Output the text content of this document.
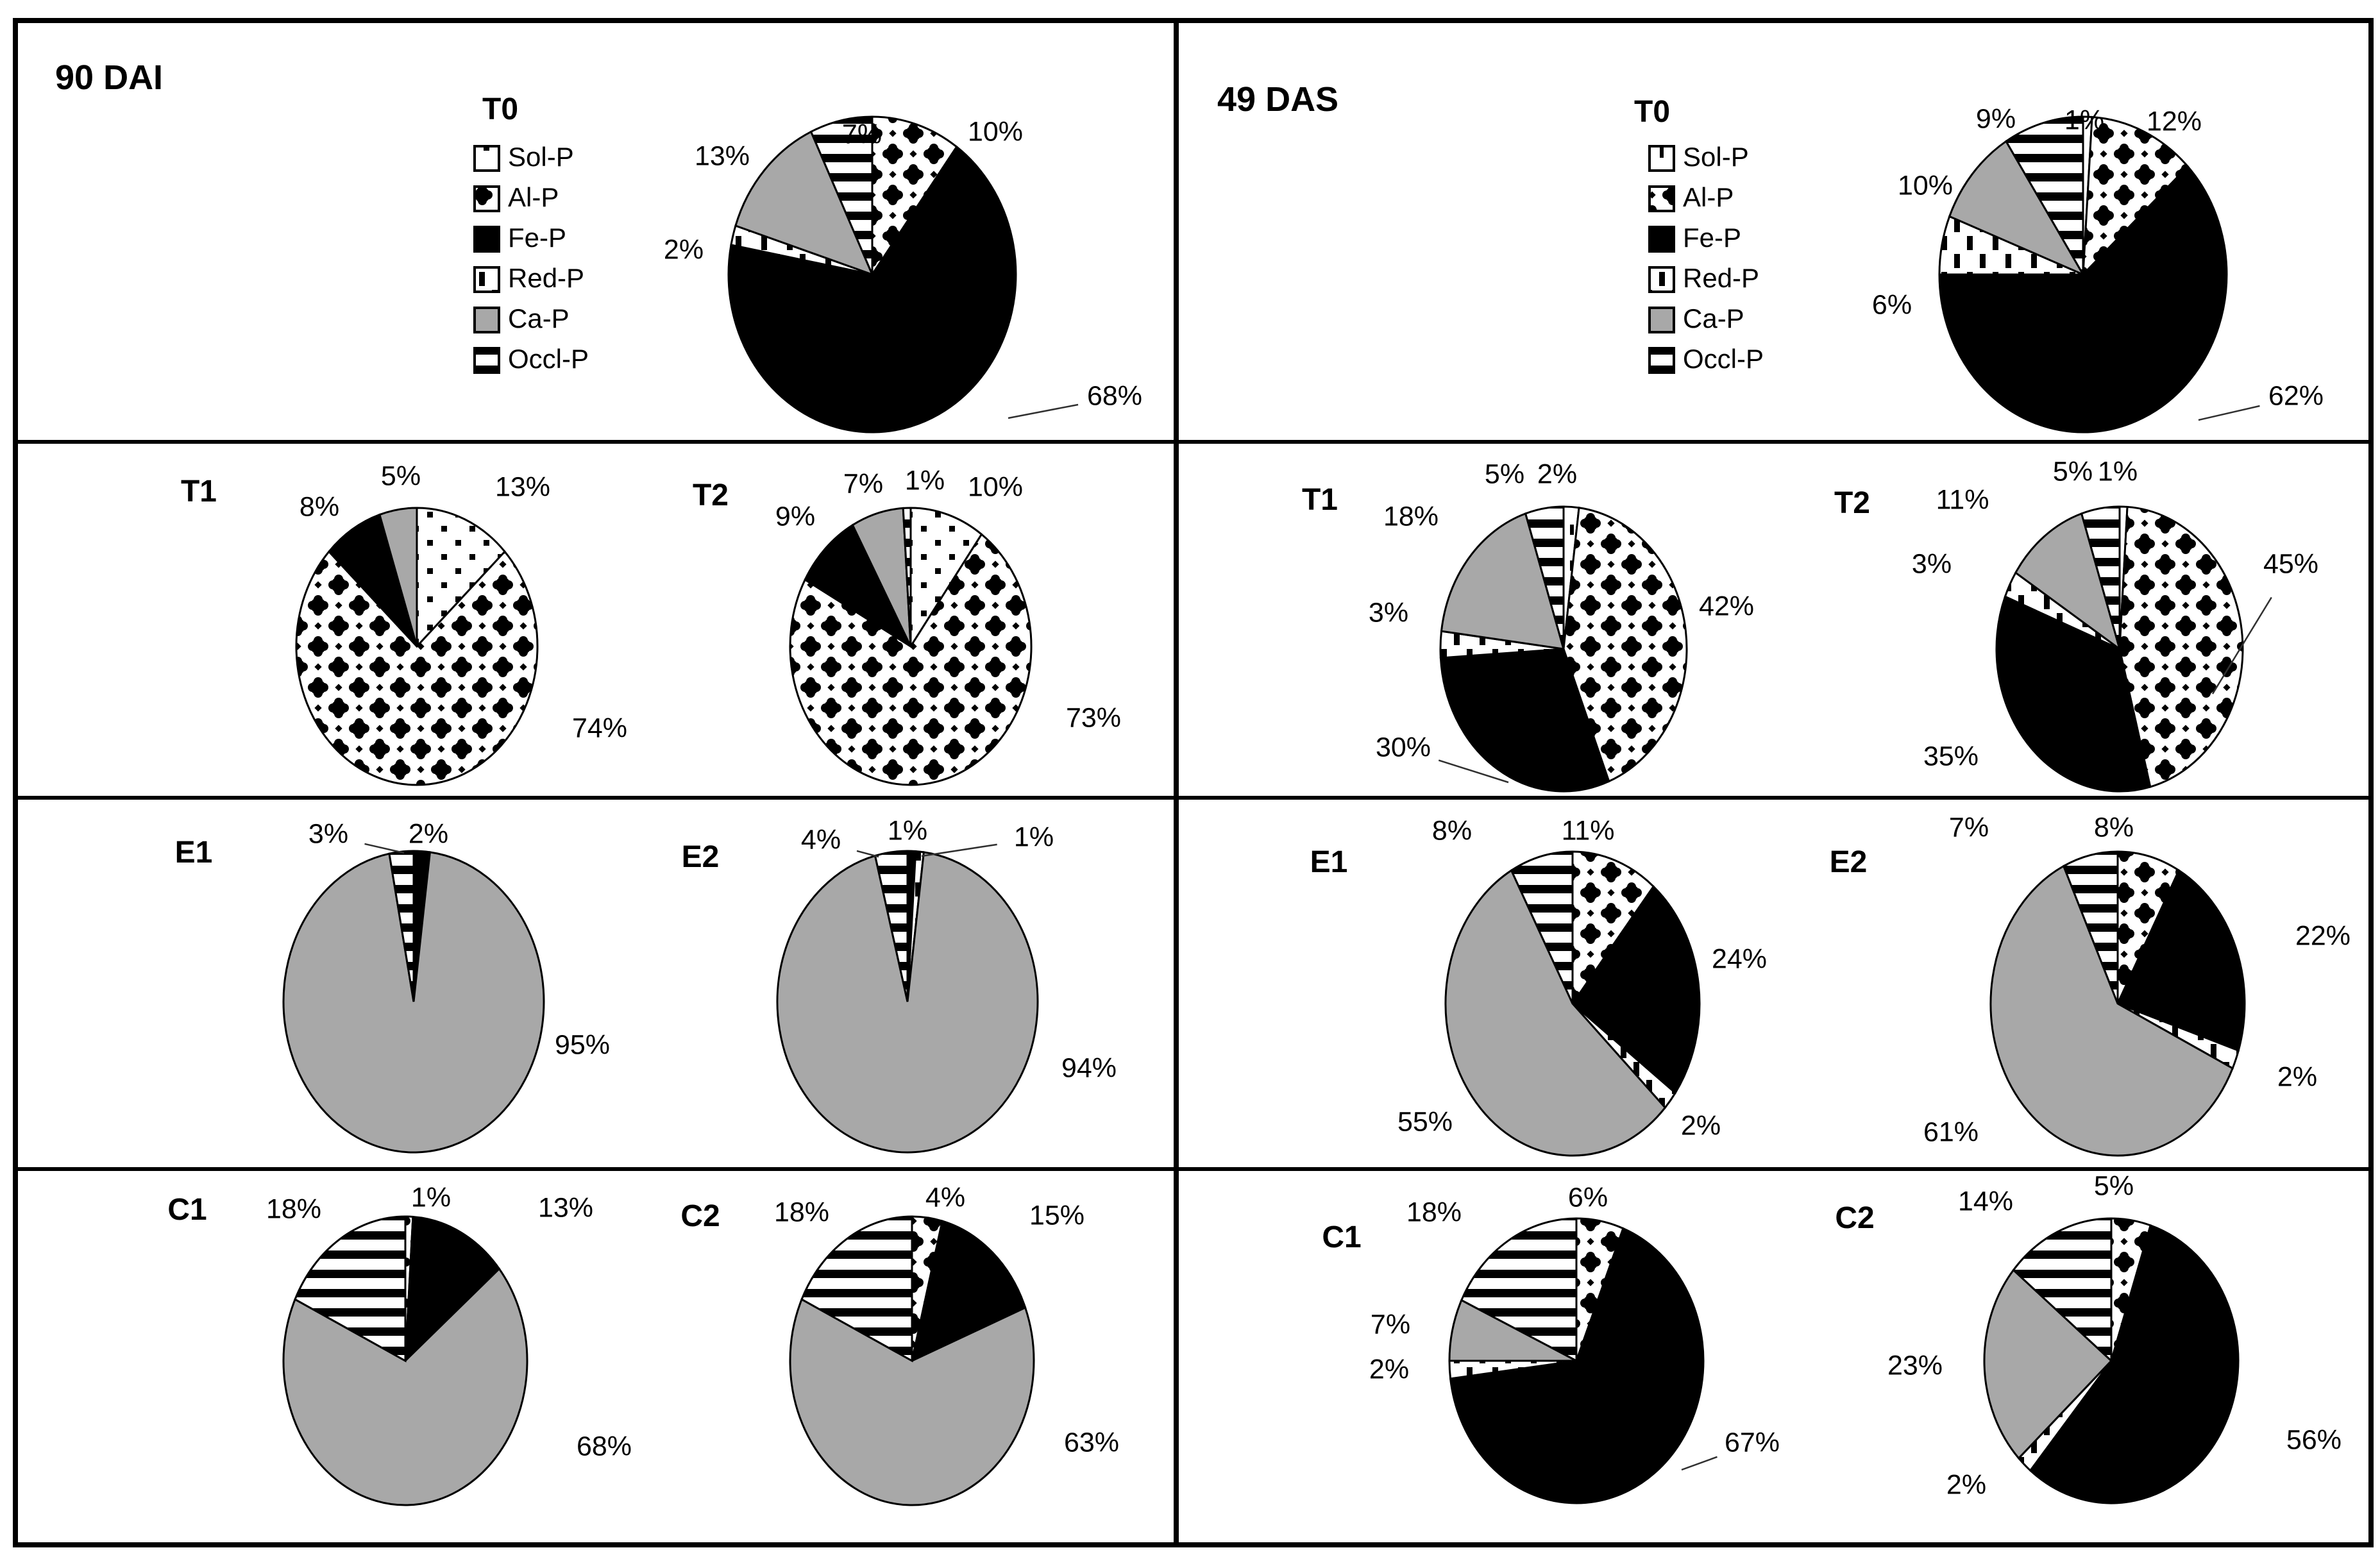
90 DAI
49 DAS
10%
68%
2%
13%
7%
T0
13%
74%
8%
5%
T1	10%
73%
9%
7% 1%
T2
2%
95%
3%
E1
1%	1%
94%
4%
E2
1%	13%
68%
18%
C1	4%
15%
63%
18%
C2
1% 12%
62%
6%
10%
9%
T0
2%
42%
30%
3%
18%
5%
T1
1%
45%
35%
3%
11%
5%
T2
11%
24%
2%
55%
8%
E1
8%
22%
2%
61%
7%
E2
6%
67%
2%
7%
18%
C1
5%
56%
2%
23%
14%
C2
Sol-P
Al-P
Fe-P
Red-P
Ca-P
Occl-P
Sol-P
Al-P
Fe-P
Red-P
Ca-P
Occl-P
